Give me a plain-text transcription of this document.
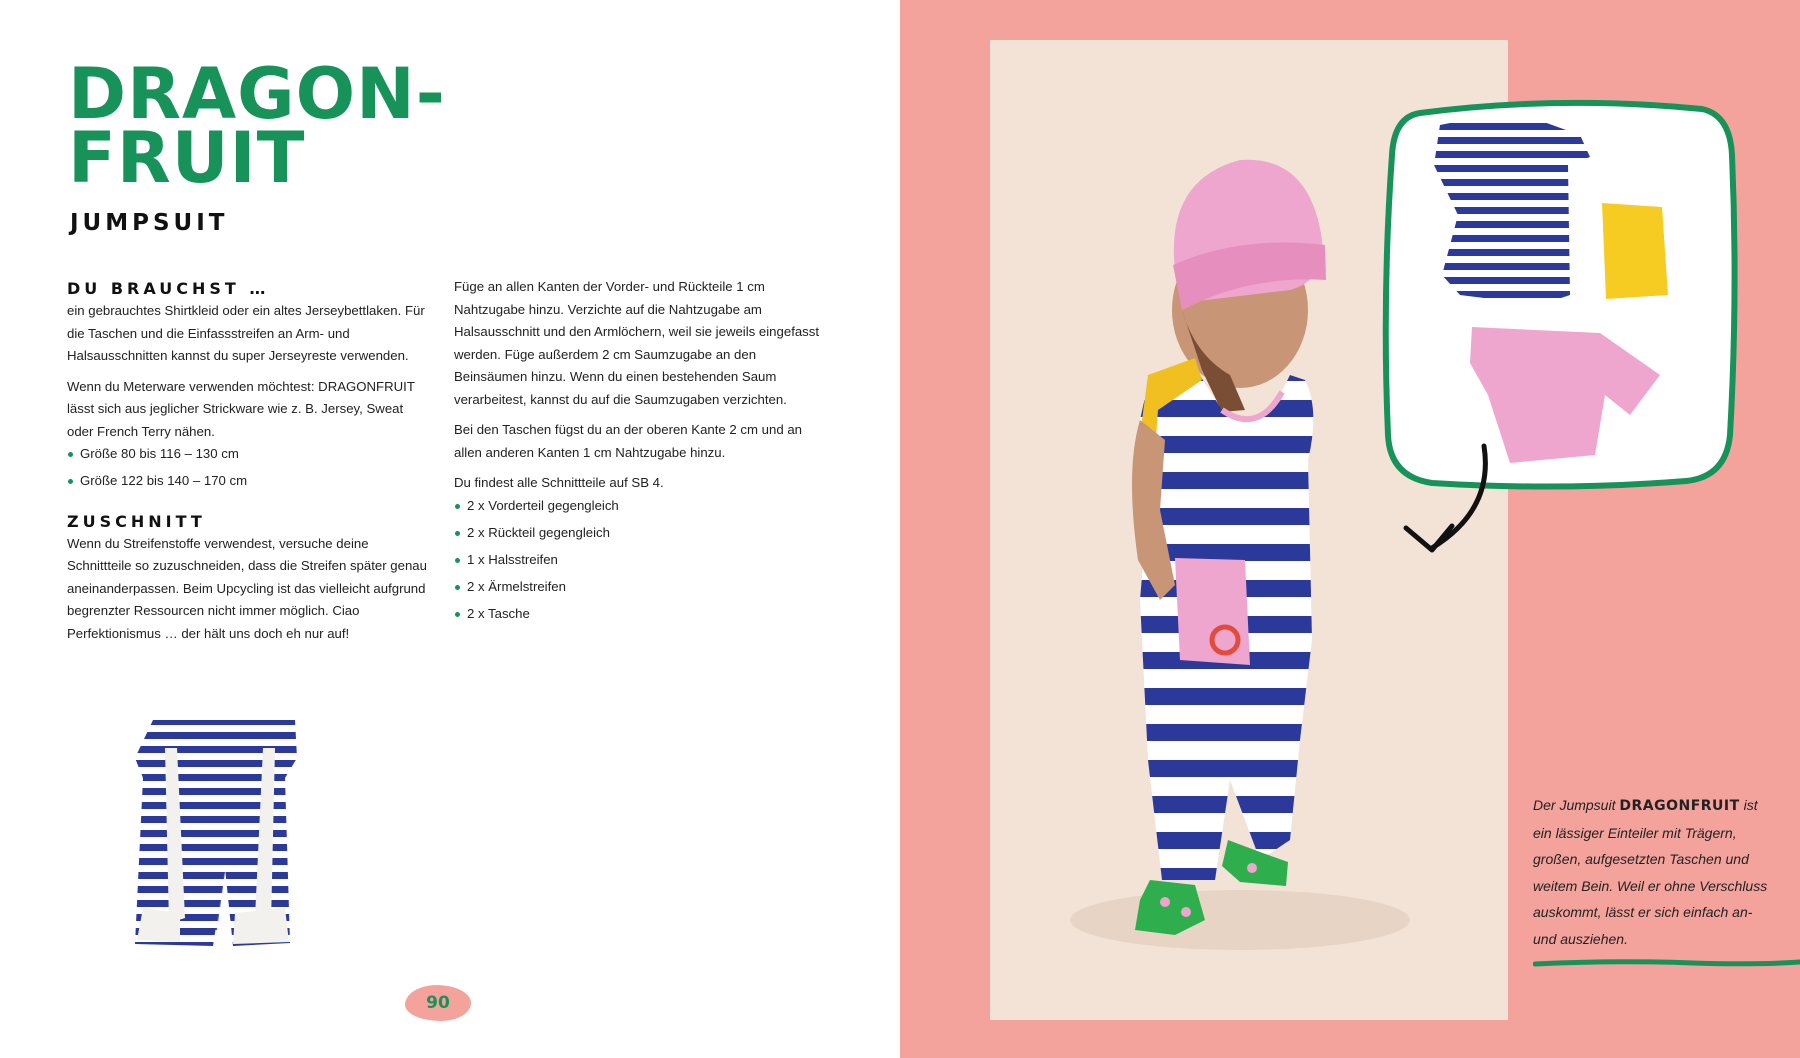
DRAGON-
FRUIT
JUMPSUIT
DU BRAUCHST …

ein gebrauchtes Shirtkleid oder ein altes Jerseybettlaken. Für die Taschen und die Einfassstreifen an Arm- und Halsausschnitten kannst du super Jerseyreste verwenden.

Wenn du Meterware verwenden möchtest: DRAGONFRUIT lässt sich aus jeglicher Strickware wie z. B. Jersey, Sweat oder French Terry nähen.

Größe 80 bis 116 – 130 cm
Größe 122 bis 140 – 170 cm
ZUSCHNITT

Wenn du Streifenstoffe verwendest, versuche deine Schnittteile so zuzuschneiden, dass die Streifen später genau aneinanderpassen. Beim Upcycling ist das vielleicht aufgrund begrenzter Ressourcen nicht immer möglich. Ciao Perfektionismus … der hält uns doch eh nur auf!

Füge an allen Kanten der Vorder- und Rückteile 1 cm Nahtzugabe hinzu. Verzichte auf die Nahtzugabe am Halsausschnitt und den Armlöchern, weil sie jeweils eingefasst werden. Füge außerdem 2 cm Saumzugabe an den Beinsäumen hinzu. Wenn du einen bestehenden Saum verarbeitest, kannst du auf die Saumzugaben verzichten.

Bei den Taschen fügst du an der oberen Kante 2 cm und an allen anderen Kanten 1 cm Nahtzugabe hinzu.

Du findest alle Schnittteile auf SB 4.

2 x Vorderteil gegengleich
2 x Rückteil gegengleich
1 x Halsstreifen
2 x Ärmelstreifen
2 x Tasche
90
Der Jumpsuit DRAGONFRUIT ist ein lässiger Einteiler mit Trägern, großen, aufgesetzten Taschen und weitem Bein. Weil er ohne Verschluss auskommt, lässt er sich einfach an- und ausziehen.
